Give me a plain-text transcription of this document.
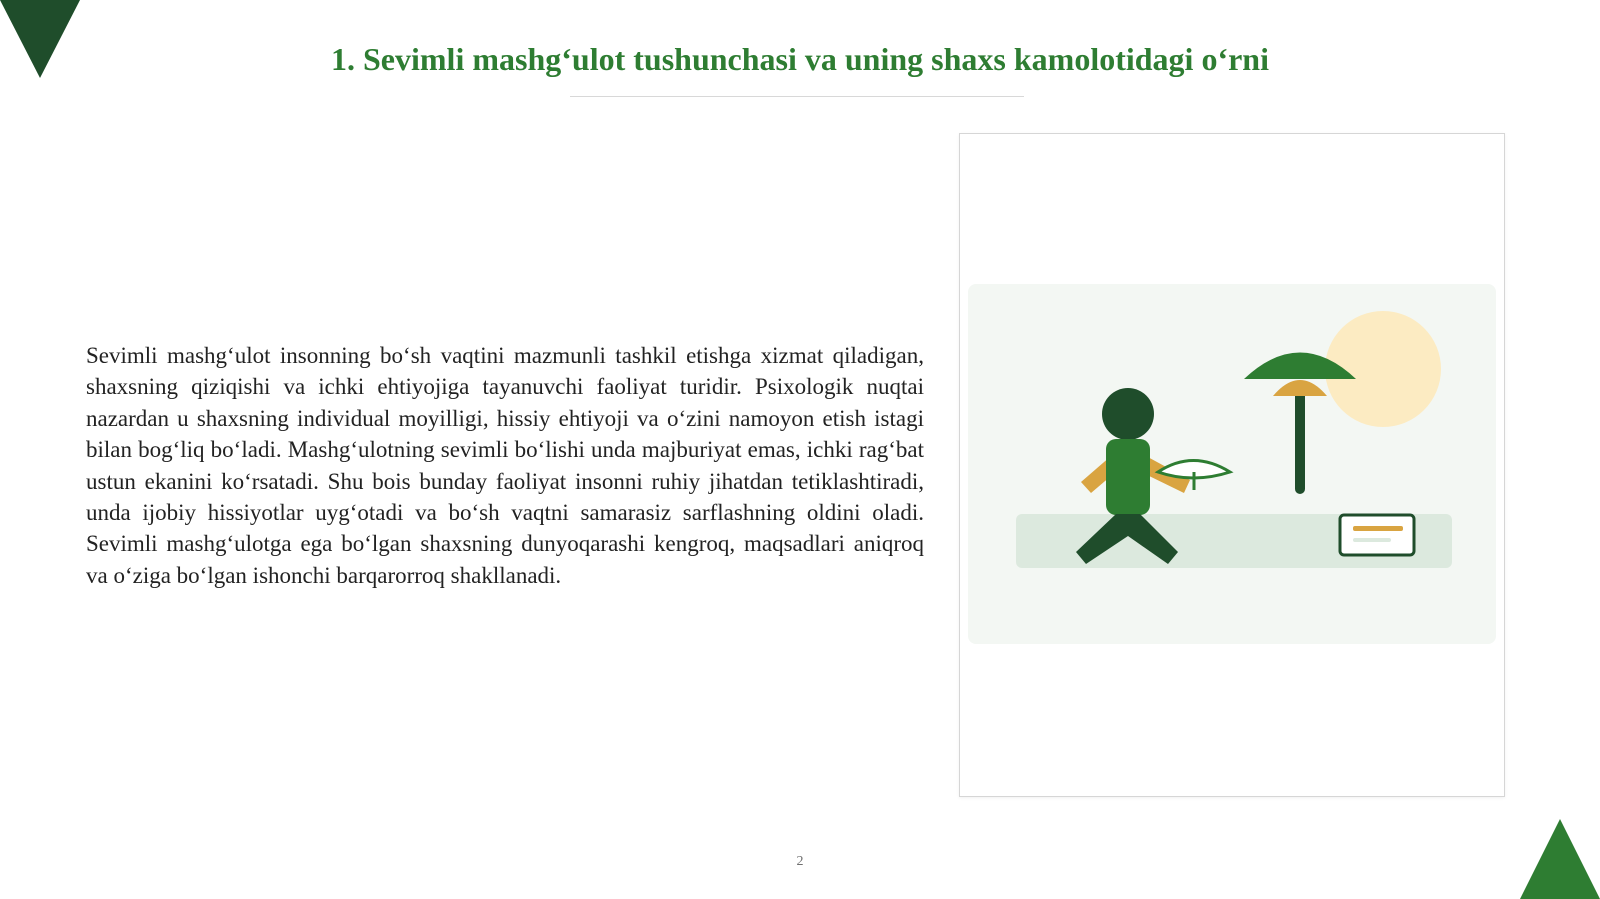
1. Sevimli mashg‘ulot tushunchasi va uning shaxs kamolotidagi o‘rni

Sevimli mashg‘ulot insonning bo‘sh vaqtini mazmunli tashkil etishga xizmat qiladigan, shaxsning qiziqishi va ichki ehtiyojiga tayanuvchi faoliyat turidir. Psixologik nuqtai nazardan u shaxsning individual moyilligi, hissiy ehtiyoji va o‘zini namoyon etish istagi bilan bog‘liq bo‘ladi. Mashg‘ulotning sevimli bo‘lishi unda majburiyat emas, ichki rag‘bat ustun ekanini ko‘rsatadi. Shu bois bunday faoliyat insonni ruhiy jihatdan tetiklashtiradi, unda ijobiy hissiyotlar uyg‘otadi va bo‘sh vaqtni samarasiz sarflashning oldini oladi. Sevimli mashg‘ulotga ega bo‘lgan shaxsning dunyoqarashi kengroq, maqsadlari aniqroq va o‘ziga bo‘lgan ishonchi barqarorroq shakllanadi.

2
